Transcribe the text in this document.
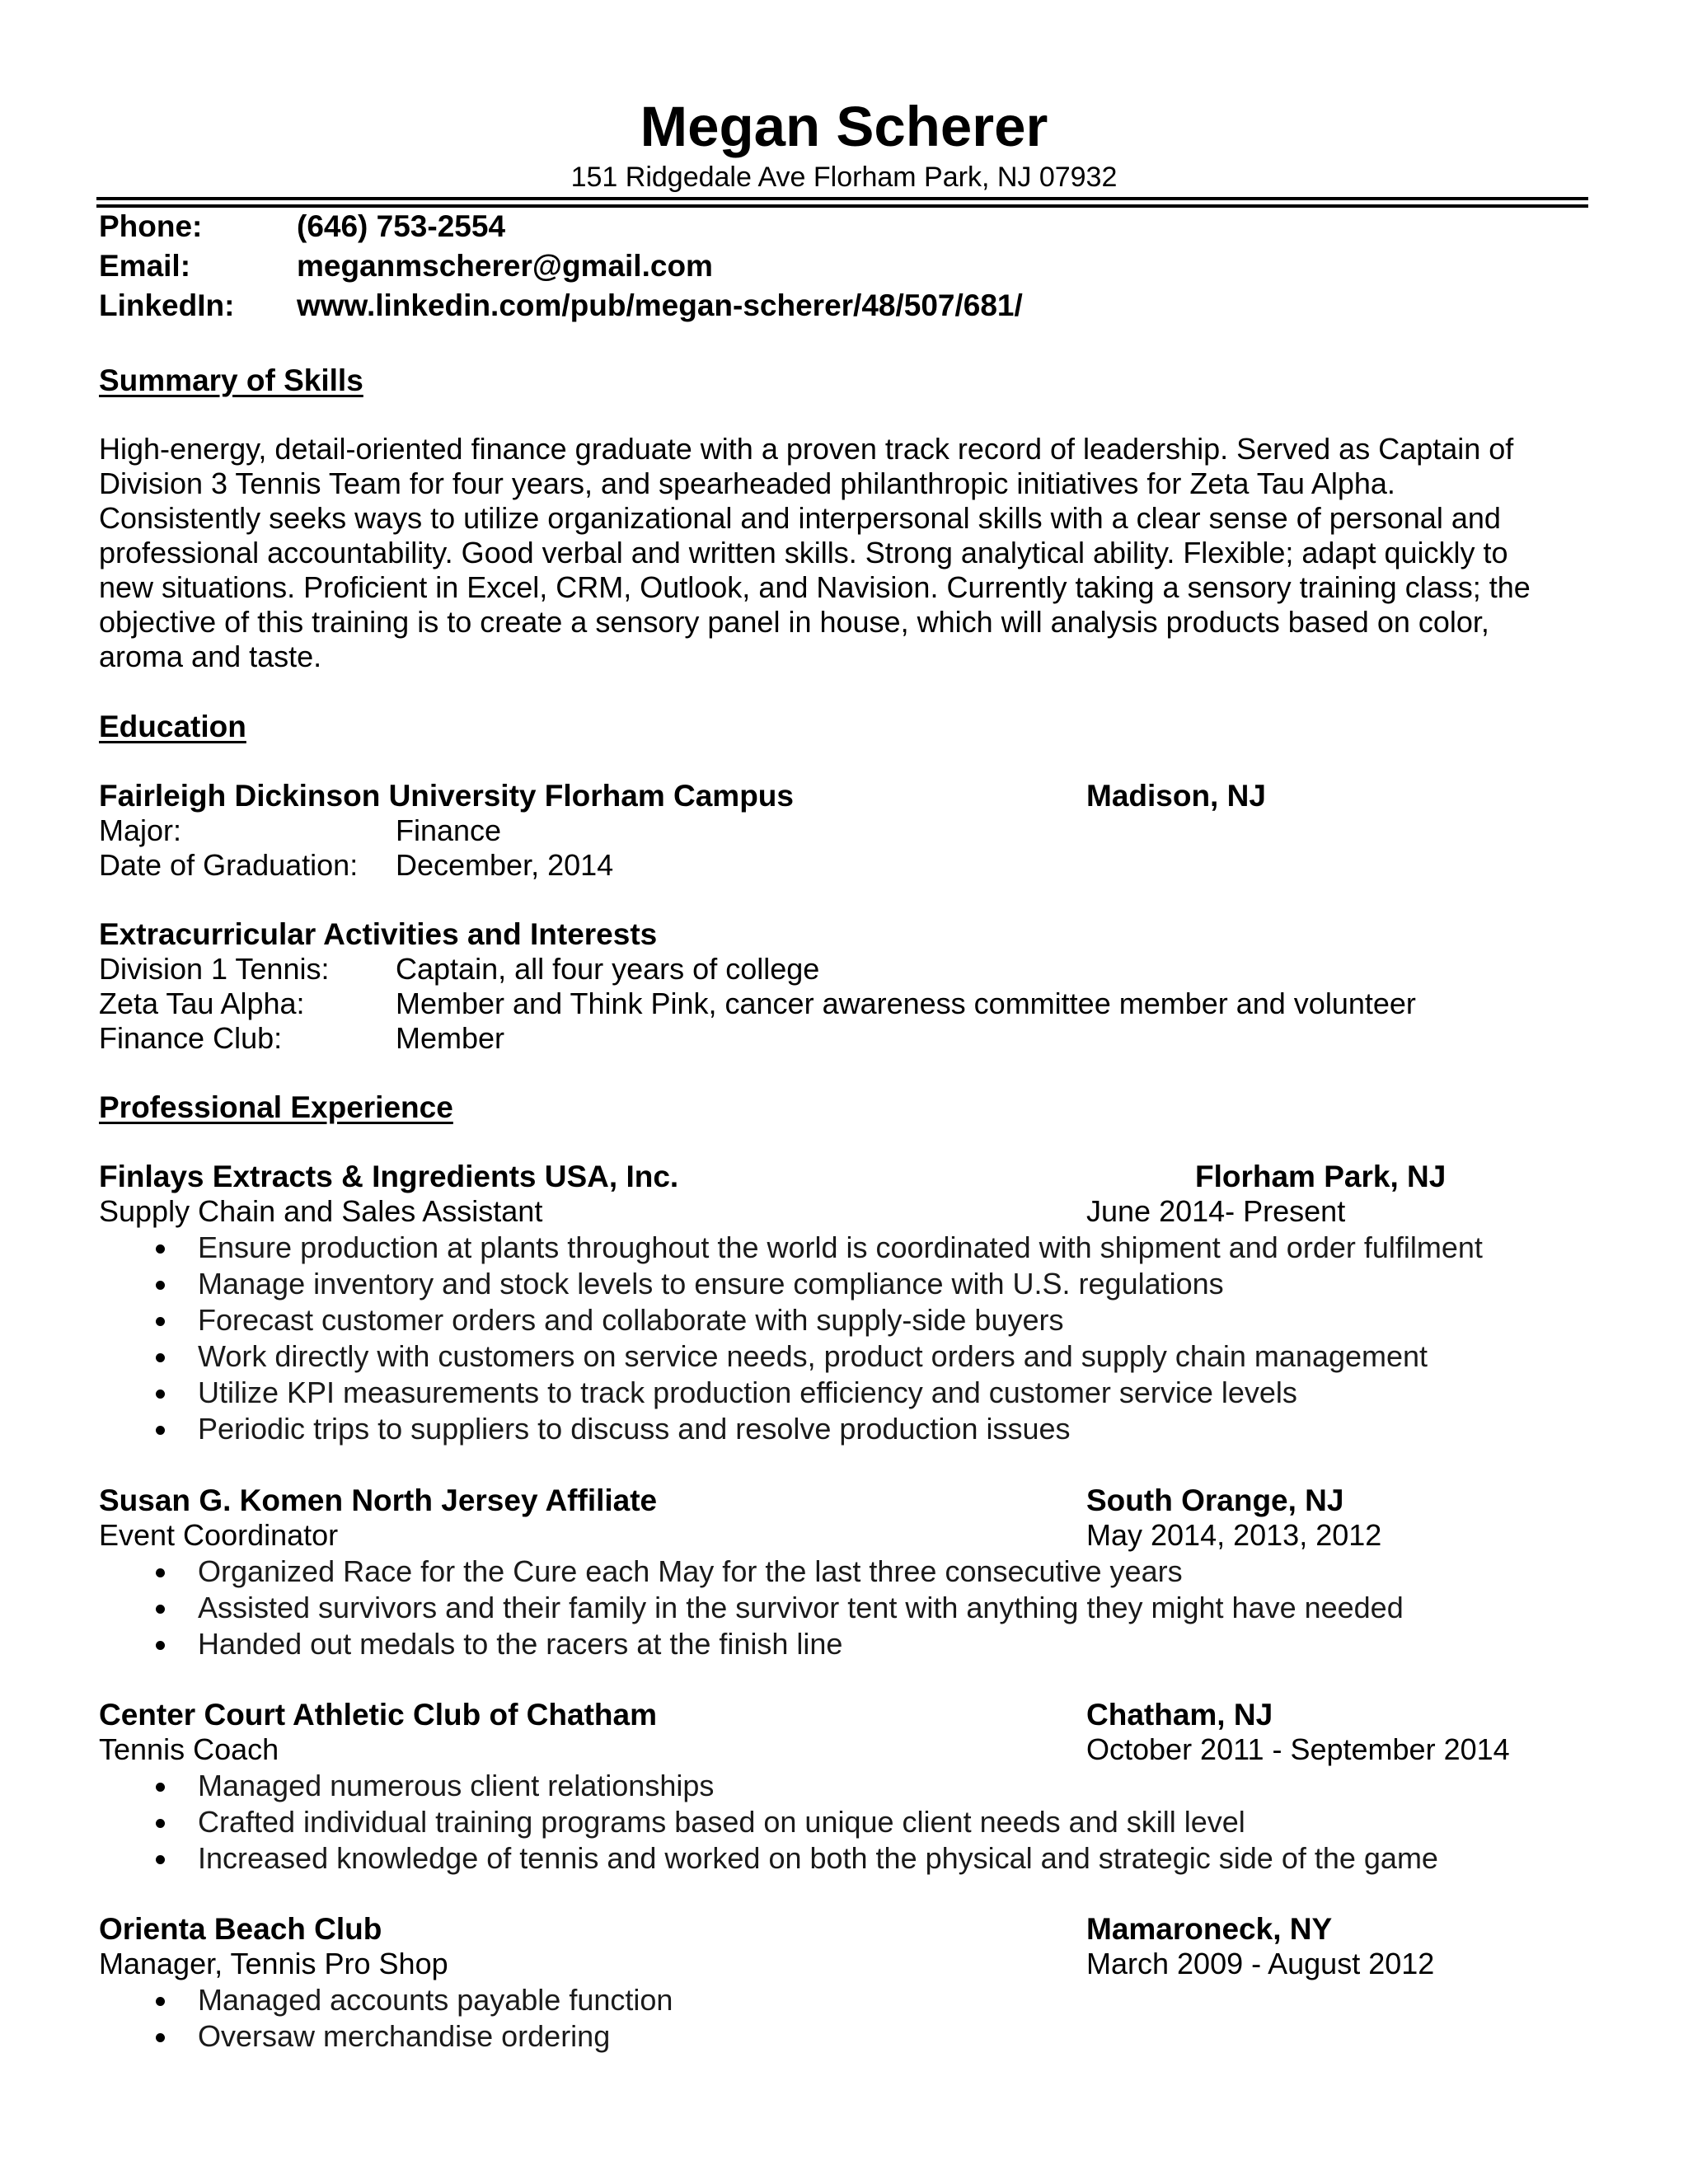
Megan Scherer
151 Ridgedale Ave Florham Park, NJ 07932
Phone:	(646) 753-2554
Email:	meganmscherer@gmail.com
LinkedIn: www.linkedin.com/pub/megan-scherer/48/507/681/
Summary of Skills
High-energy, detail-oriented finance graduate with a proven track record of leadership. Served as Captain of
Division 3 Tennis Team for four years, and spearheaded philanthropic initiatives for Zeta Tau Alpha.
Consistently seeks ways to utilize organizational and interpersonal skills with a clear sense of personal and
professional accountability. Good verbal and written skills. Strong analytical ability. Flexible; adapt quickly to
new situations. Proficient in Excel, CRM, Outlook, and Navision. Currently taking a sensory training class; the
objective of this training is to create a sensory panel in house, which will analysis products based on color,
aroma and taste.
Education
Fairleigh Dickinson University Florham Campus	Madison, NJ
Major:	Finance
Date of Graduation: December, 2014
Extracurricular Activities and Interests
Division 1 Tennis: Captain, all four years of college
Zeta Tau Alpha:	Member and Think Pink, cancer awareness committee member and volunteer
Finance Club:	Member
Professional Experience
Finlays Extracts & Ingredients USA, Inc.	Florham Park, NJ
Supply Chain and Sales Assistant	June 2014- Present
Ensure production at plants throughout the world is coordinated with shipment and order fulfilment
Manage inventory and stock levels to ensure compliance with U.S. regulations
Forecast customer orders and collaborate with supply-side buyers
Work directly with customers on service needs, product orders and supply chain management
Utilize KPI measurements to track production efficiency and customer service levels
Periodic trips to suppliers to discuss and resolve production issues
Susan G. Komen North Jersey Affiliate	South Orange, NJ
Event Coordinator	May 2014, 2013, 2012
Organized Race for the Cure each May for the last three consecutive years
Assisted survivors and their family in the survivor tent with anything they might have needed
Handed out medals to the racers at the finish line
Center Court Athletic Club of Chatham	Chatham, NJ
Tennis Coach	October 2011 - September 2014
Managed numerous client relationships
Crafted individual training programs based on unique client needs and skill level
Increased knowledge of tennis and worked on both the physical and strategic side of the game
Orienta Beach Club	Mamaroneck, NY
Manager, Tennis Pro Shop	March 2009 - August 2012
Managed accounts payable function
Oversaw merchandise ordering
